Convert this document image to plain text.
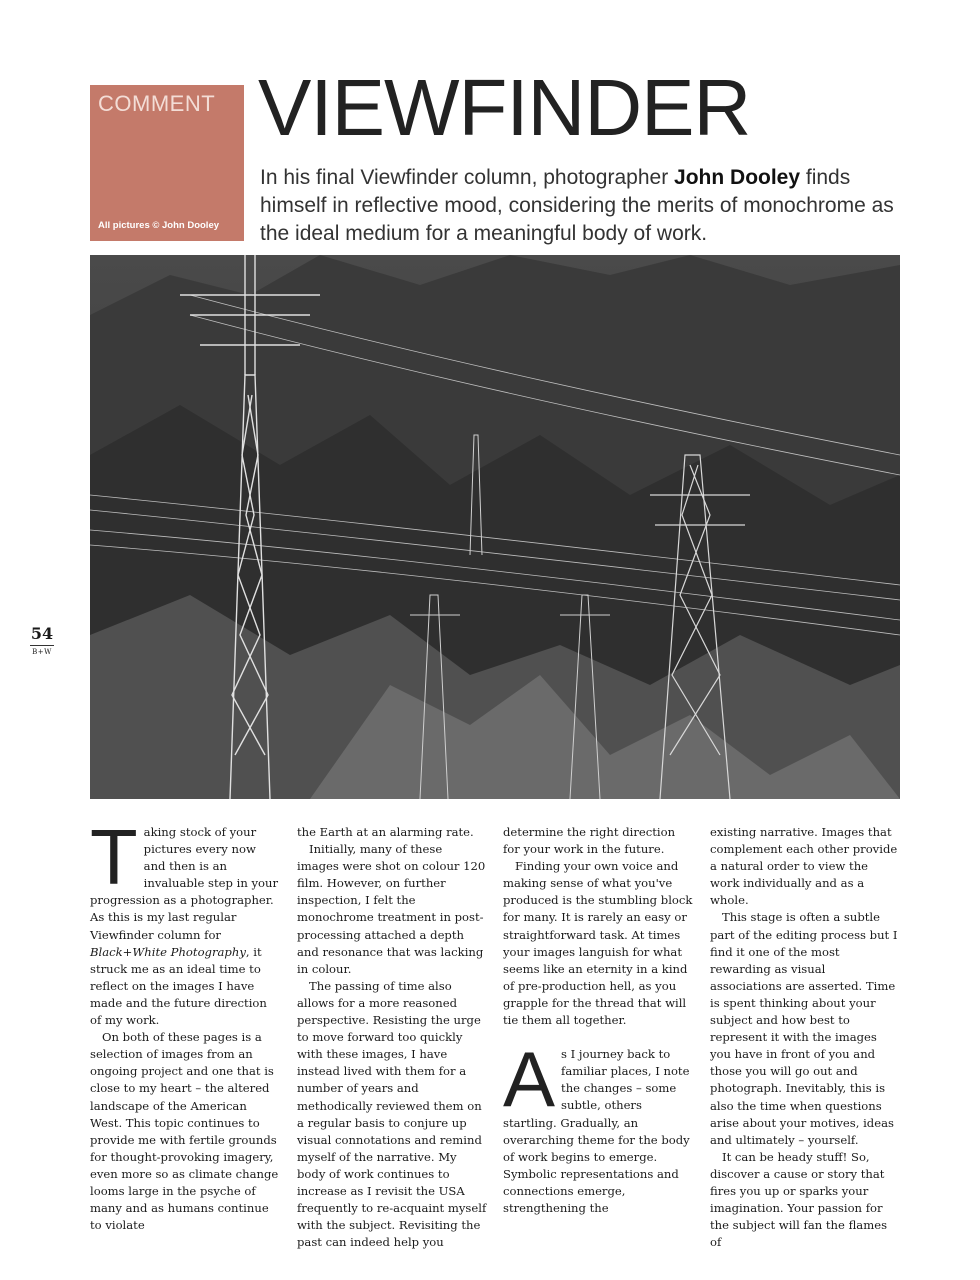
COMMENT
All pictures © John Dooley
VIEWFINDER
In his final Viewfinder column, photographer John Dooley finds himself in reflective mood, considering the merits of monochrome as the ideal medium for a meaningful body of work.
54
B+W

Taking stock of your pictures every now and then is an invaluable step in your progression as a photographer. As this is my last regular Viewfinder column for Black+White Photography, it struck me as an ideal time to reflect on the images I have made and the future direction of my work.

On both of these pages is a selection of images from an ongoing project and one that is close to my heart – the altered landscape of the American West. This topic continues to provide me with fertile grounds for thought-provoking imagery, even more so as climate change looms large in the psyche of many and as humans continue to violate

the Earth at an alarming rate.

Initially, many of these images were shot on colour 120 film. However, on further inspection, I felt the monochrome treatment in post-processing attached a depth and resonance that was lacking in colour.

The passing of time also allows for a more reasoned perspective. Resisting the urge to move forward too quickly with these images, I have instead lived with them for a number of years and methodically reviewed them on a regular basis to conjure up visual connotations and remind myself of the narrative. My body of work continues to increase as I revisit the USA frequently to re-acquaint myself with the subject. Revisiting the past can indeed help you

determine the right direction for your work in the future.

Finding your own voice and making sense of what you've produced is the stumbling block for many. It is rarely an easy or straightforward task. At times your images languish for what seems like an eternity in a kind of pre-production hell, as you grapple for the thread that will tie them all together.

As I journey back to familiar places, I note the changes – some subtle, others startling. Gradually, an overarching theme for the body of work begins to emerge. Symbolic representations and connections emerge, strengthening the

existing narrative. Images that complement each other provide a natural order to view the work individually and as a whole.

This stage is often a subtle part of the editing process but I find it one of the most rewarding as visual associations are asserted. Time is spent thinking about your subject and how best to represent it with the images you have in front of you and those you will go out and photograph. Inevitably, this is also the time when questions arise about your motives, ideas and ultimately – yourself.

It can be heady stuff! So, discover a cause or story that fires you up or sparks your imagination. Your passion for the subject will fan the flames of
